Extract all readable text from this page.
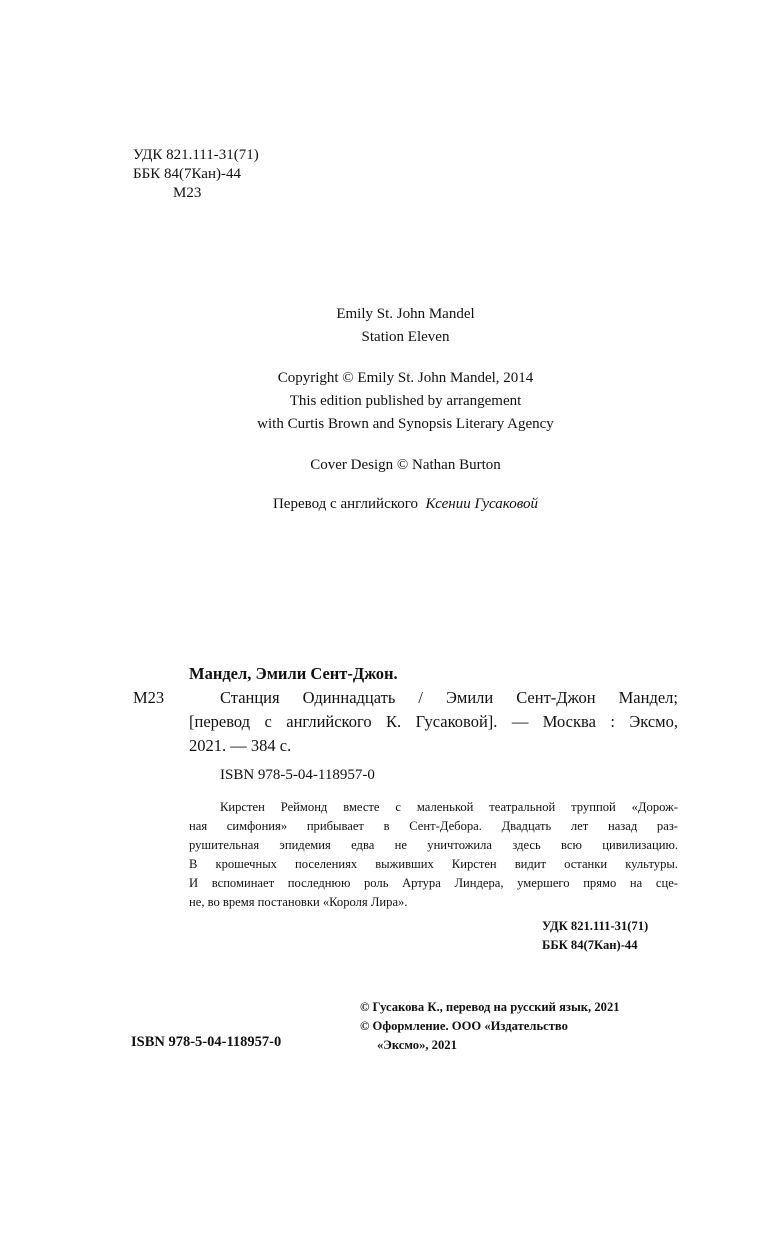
УДК 821.111-31(71)
ББК 84(7Кан)-44
М23
Emily St. John Mandel
Station Eleven
Copyright © Emily St. John Mandel, 2014
This edition published by arrangement
with Curtis Brown and Synopsis Literary Agency
Cover Design © Nathan Burton
Перевод с английского Ксении Гусаковой
Мандел, Эмили Сент-Джон.
М23	Станция Одиннадцать / Эмили Сент-Джон Мандел;
[перевод с английского К. Гусаковой]. — Москва : Эксмо,
2021. — 384 с.
ISBN 978-5-04-118957-0
Кирстен Реймонд вместе с маленькой театральной труппой «Дорож-
ная симфония» прибывает в Сент-Дебора. Двадцать лет назад раз-
рушительная эпидемия едва не уничтожила здесь всю цивилизацию.
В крошечных поселениях выживших Кирстен видит останки культуры.
И вспоминает последнюю роль Артура Линдера, умершего прямо на сце-
не, во время постановки «Короля Лира».
УДК 821.111-31(71)
ББК 84(7Кан)-44
ISBN 978-5-04-118957-0
© Гусакова К., перевод на русский язык, 2021
© Оформление. ООО «Издательство
«Эксмо», 2021
